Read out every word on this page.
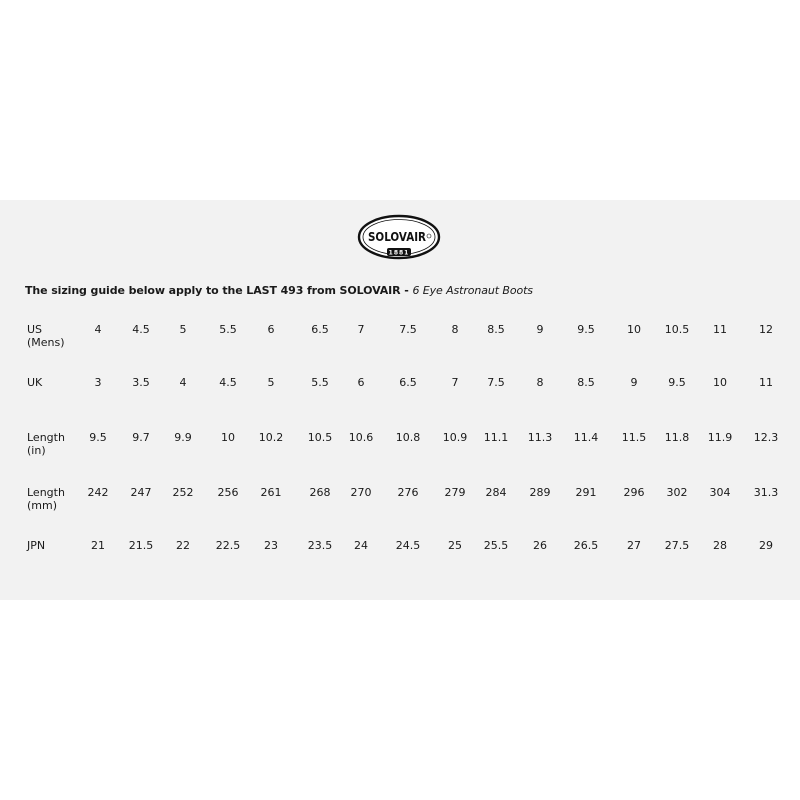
SOLOVAIR
1881
The sizing guide below apply to the LAST 493 from SOLOVAIR - 6 Eye Astronaut Boots
US
(Mens)
4	4.5	5	5.5	6	6.5	7	7.5	8	8.5	9	9.5	10	10.5	11	12
UK	3	3.5	4	4.5	5	5.5	6	6.5	7	7.5	8	8.5	9	9.5	10	11
Length
(in)
9.5	9.7	9.9	10	10.2	10.5	10.6	10.8	10.9	11.1	11.3	11.4	11.5	11.8	11.9	12.3
Length
(mm)
242	247	252	256	261	268	270	276	279	284	289	291	296	302	304	31.3
JPN	21	21.5	22	22.5	23	23.5	24	24.5	25	25.5	26	26.5	27	27.5	28	29
